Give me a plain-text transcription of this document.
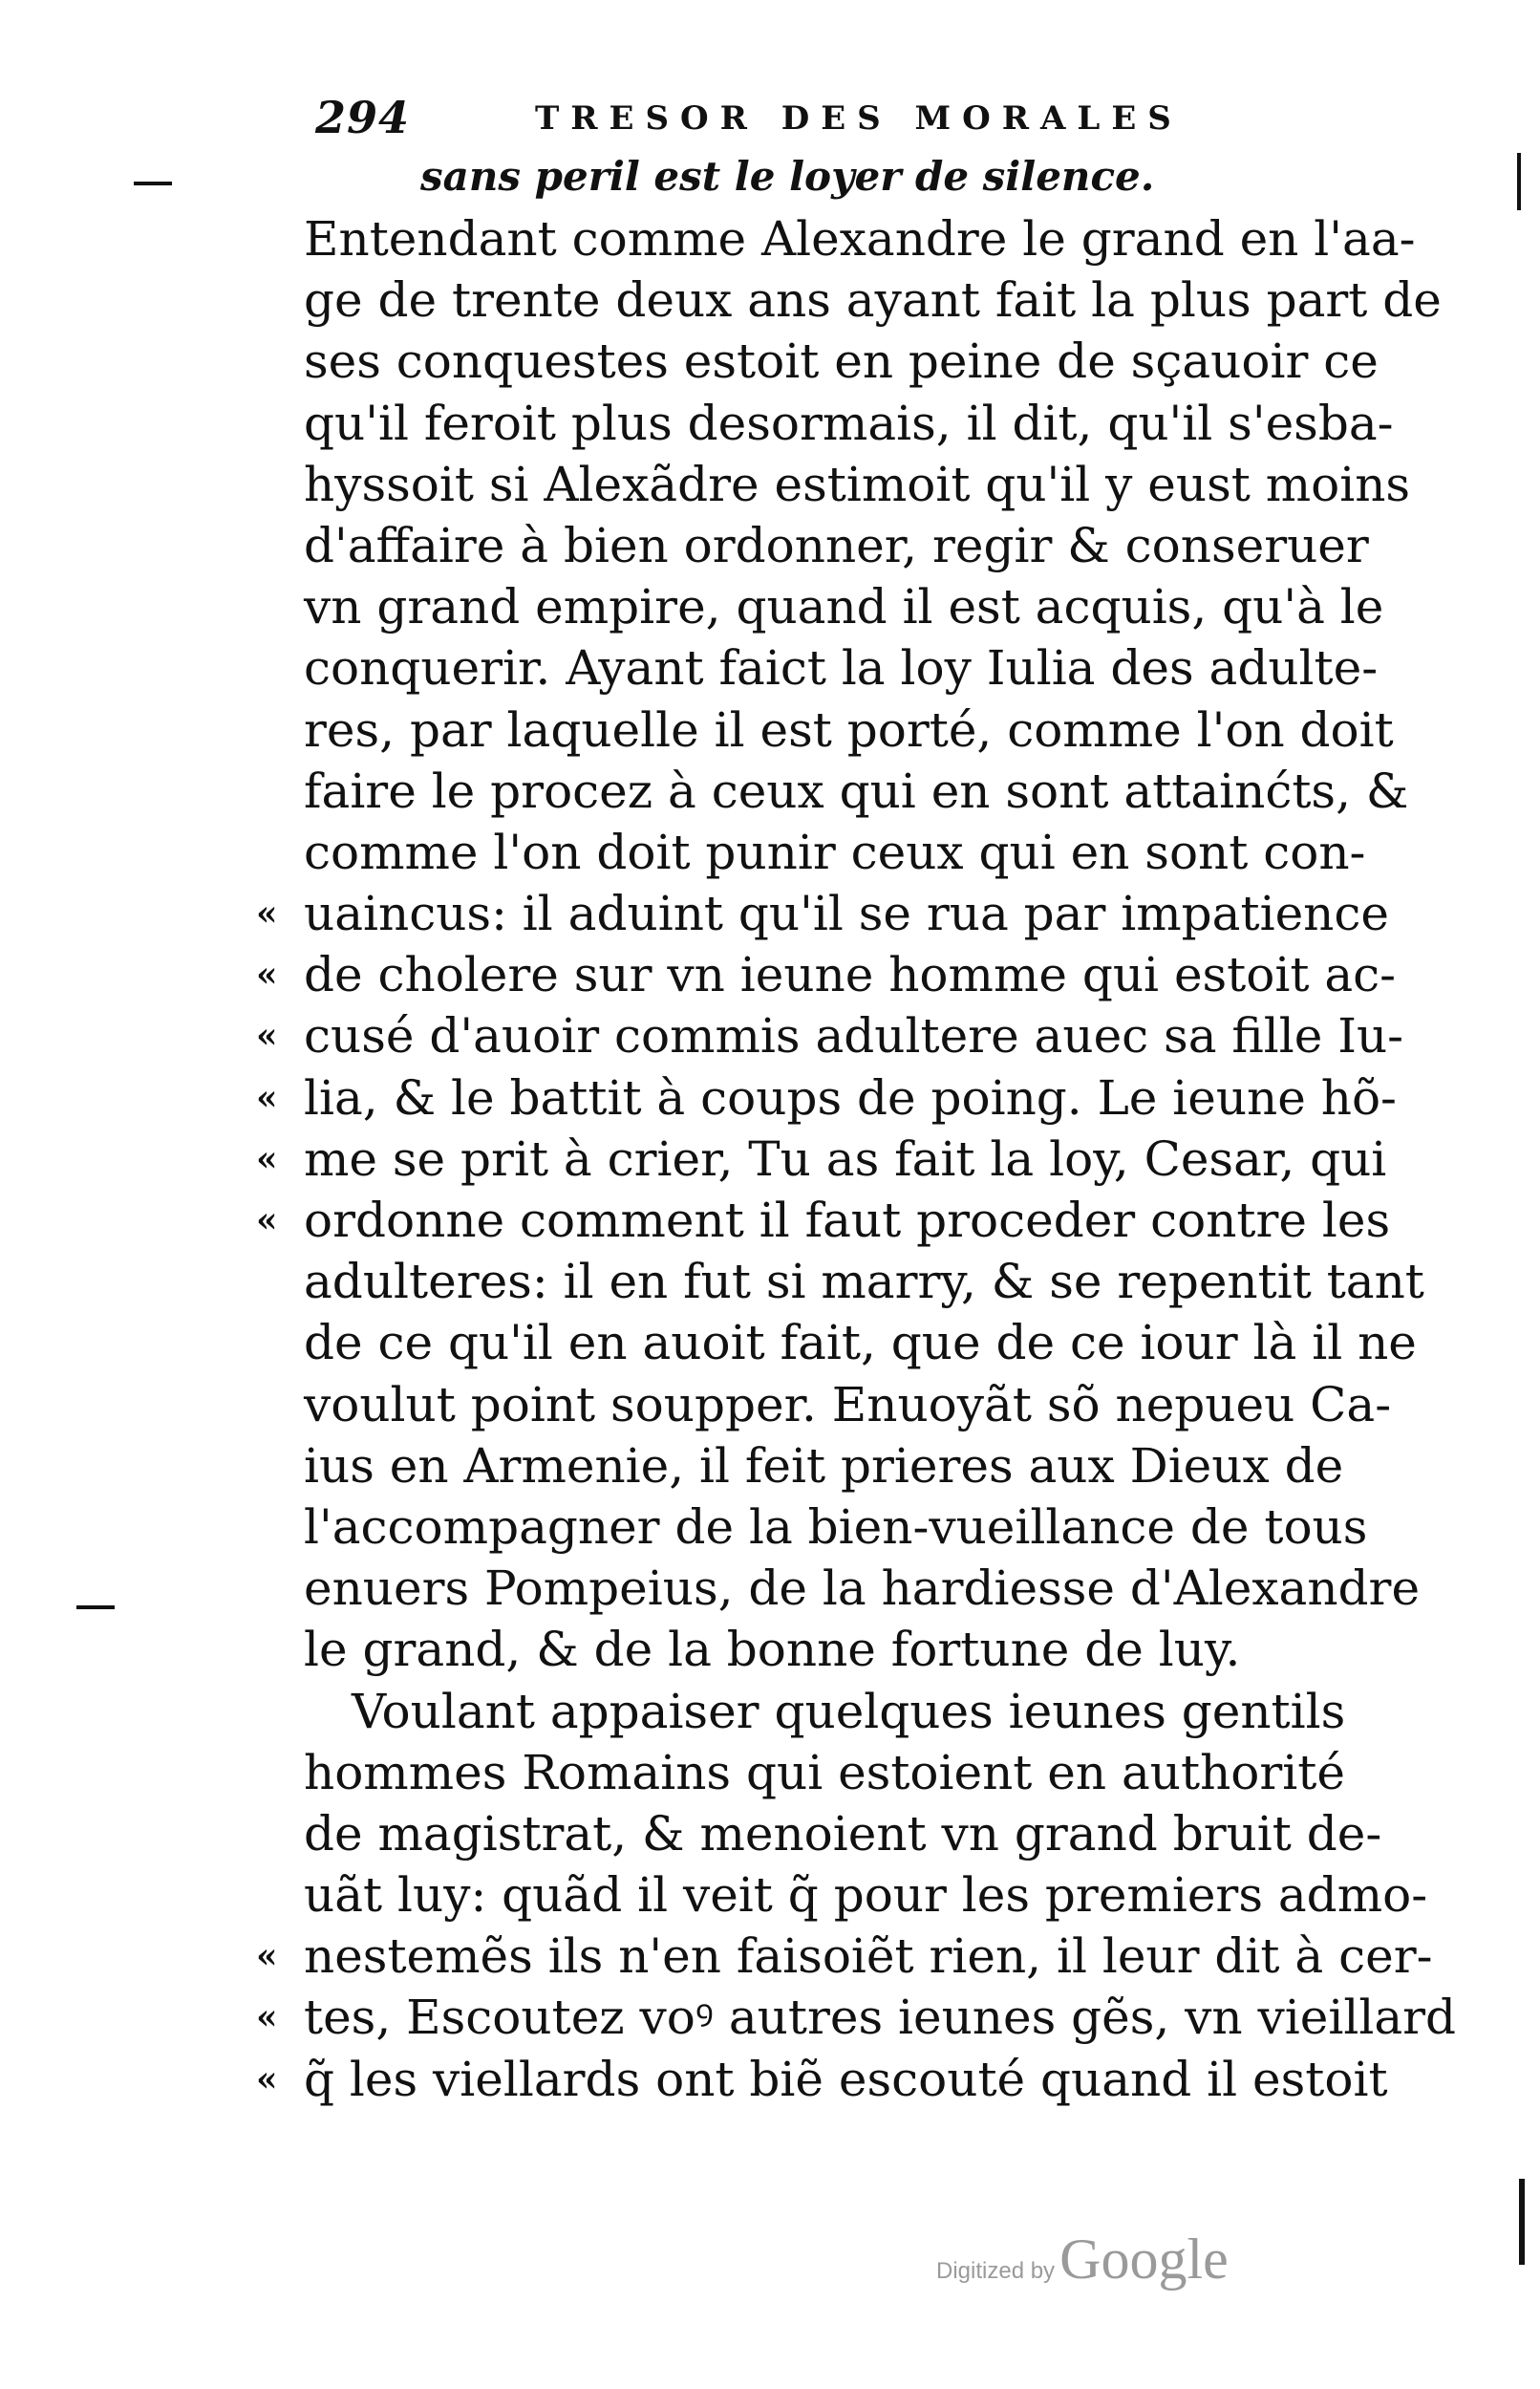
294	TRESOR DES MORALES
sans peril est le loyer de silence.
Entendant comme Alexandre le grand en l'aa-
ge de trente deux ans ayant fait la plus part de
ses conquestes estoit en peine de sçauoir ce
qu'il feroit plus desormais, il dit, qu'il s'esba-
hyssoit si Alexãdre estimoit qu'il y eust moins
d'affaire à bien ordonner, regir & conseruer
vn grand empire, quand il est acquis, qu'à le
conquerir. Ayant faict la loy Iulia des adulte-
res, par laquelle il est porté, comme l'on doit
faire le procez à ceux qui en sont attainćts, &
comme l'on doit punir ceux qui en sont con-
« uaincus: il aduint qu'il se rua par impatience
« de cholere sur vn ieune homme qui estoit ac-
« cusé d'auoir commis adultere auec sa fille Iu-
« lia, & le battit à coups de poing. Le ieune hõ-
« me se prit à crier, Tu as fait la loy, Cesar, qui
« ordonne comment il faut proceder contre les
adulteres: il en fut si marry, & se repentit tant
de ce qu'il en auoit fait, que de ce iour là il ne
voulut point soupper. Enuoyãt sõ nepueu Ca-
ius en Armenie, il feit prieres aux Dieux de
l'accompagner de la bien-vueillance de tous
enuers Pompeius, de la hardiesse d'Alexandre
le grand, & de la bonne fortune de luy.
Voulant appaiser quelques ieunes gentils
hommes Romains qui estoient en authorité
de magistrat, & menoient vn grand bruit de-
uãt luy: quãd il veit q̃ pour les premiers admo-
« nestemẽs ils n'en faisoiẽt rien, il leur dit à cer-
« tes, Escoutez voꝰ autres ieunes gẽs, vn vieillard
« q̃ les viellards ont biẽ escouté quand il estoit
Digitized by Google
